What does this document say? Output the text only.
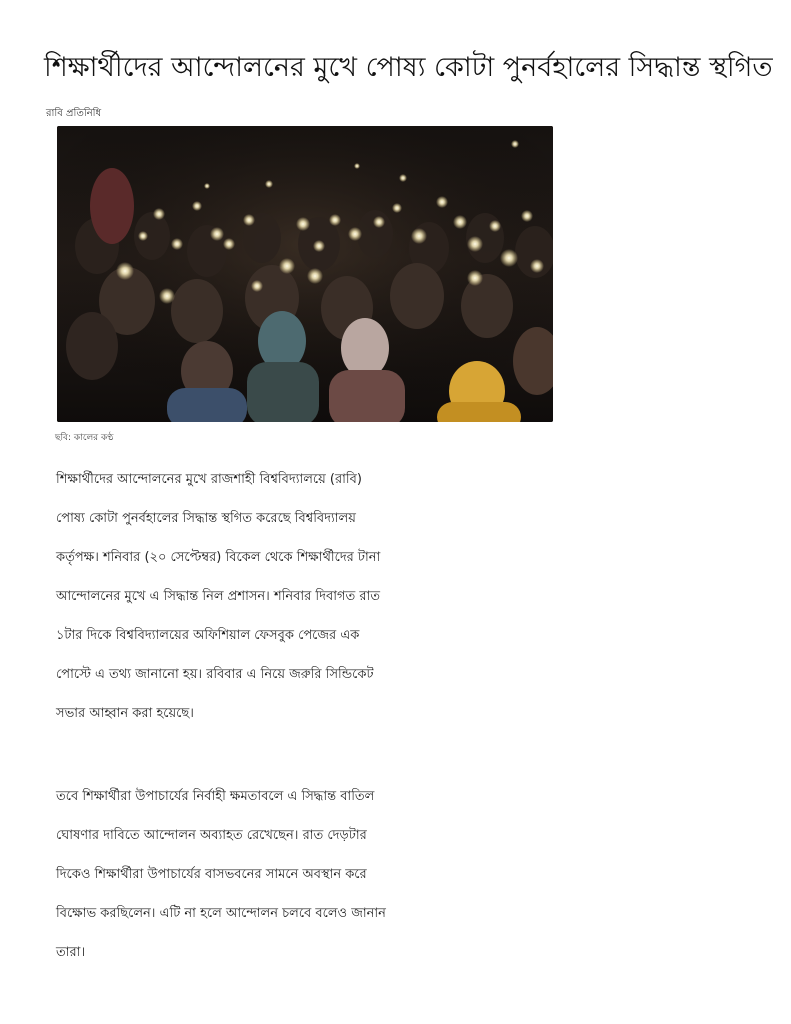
শিক্ষার্থীদের আন্দোলনের মুখে পোষ্য কোটা পুনর্বহালের সিদ্ধান্ত স্থগিত
রাবি প্রতিনিধি
ছবি: কালের কণ্ঠ
শিক্ষার্থীদের আন্দোলনের মুখে রাজশাহী বিশ্ববিদ্যালয়ে (রাবি)
পোষ্য কোটা পুনর্বহালের সিদ্ধান্ত স্থগিত করেছে বিশ্ববিদ্যালয়
কর্তৃপক্ষ। শনিবার (২০ সেপ্টেম্বর) বিকেল থেকে শিক্ষার্থীদের টানা
আন্দোলনের মুখে এ সিদ্ধান্ত নিল প্রশাসন। শনিবার দিবাগত রাত
১টার দিকে বিশ্ববিদ্যালয়ের অফিশিয়াল ফেসবুক পেজের এক
পোস্টে এ তথ্য জানানো হয়। রবিবার এ নিয়ে জরুরি সিন্ডিকেট
সভার আহ্বান করা হয়েছে।
তবে শিক্ষার্থীরা উপাচার্যের নির্বাহী ক্ষমতাবলে এ সিদ্ধান্ত বাতিল
ঘোষণার দাবিতে আন্দোলন অব্যাহত রেখেছেন। রাত দেড়টার
দিকেও শিক্ষার্থীরা উপাচার্যের বাসভবনের সামনে অবস্থান করে
বিক্ষোভ করছিলেন। এটি না হলে আন্দোলন চলবে বলেও জানান
তারা।
